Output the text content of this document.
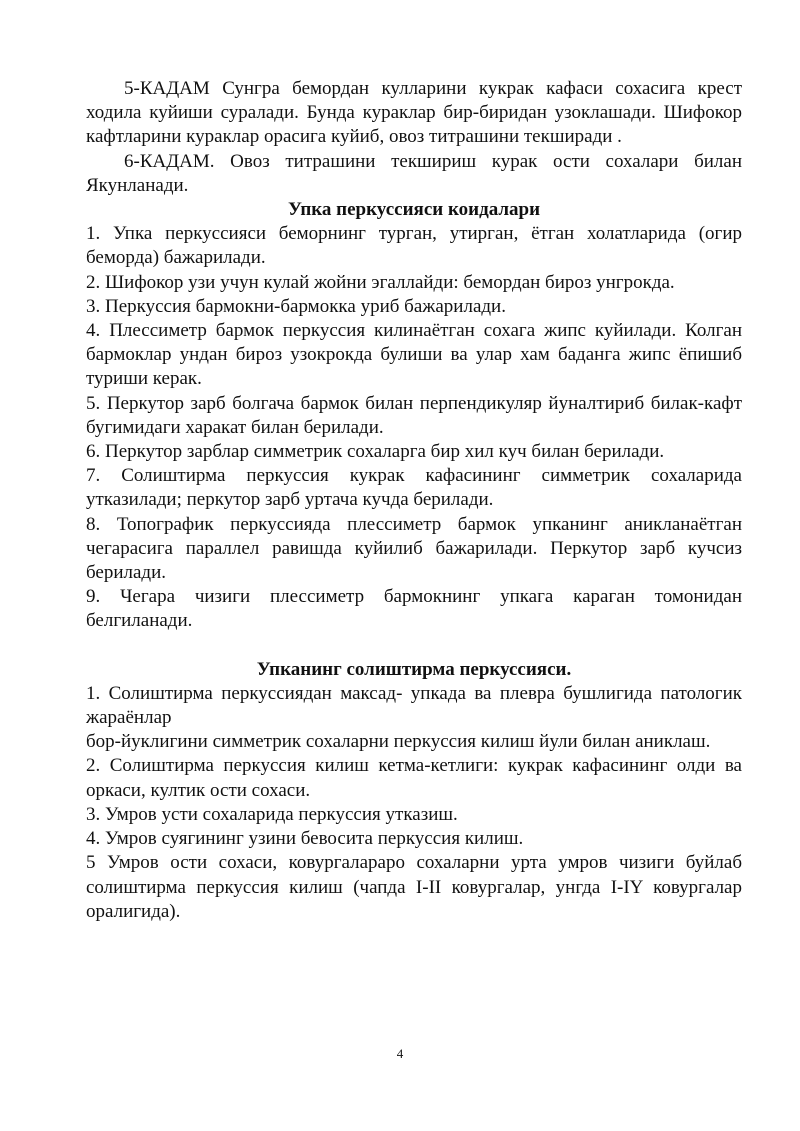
5-КАДАМ Сунгра бемордан кулларини кукрак кафаси сохасига крест ходила куйиши суралади. Бунда кураклар бир-биридан узоклашади. Шифокор кафтларини кураклар орасига куйиб, овоз титрашини текширади .

6-КАДАМ. Овоз титрашини текшириш курак ости сохалари билан Якунланади.

Упка перкуссияси коидалари

1. Упка перкуссияси беморнинг турган, утирган, ётган холатларида (огир беморда) бажарилади.

2. Шифокор узи учун кулай жойни эгаллайди: бемордан бироз унгрокда.

3. Перкуссия бармокни-бармокка уриб бажарилади.

4. Плессиметр бармок перкуссия килинаётган сохага жипс куйилади. Колган бармоклар ундан бироз узокрокда булиши ва улар хам баданга жипс ёпишиб туриши керак.

5. Перкутор зарб болгача бармок билан перпендикуляр йуналтириб билак-кафт бугимидаги харакат билан берилади.

6. Перкутор зарблар симметрик сохаларга бир хил куч билан берилади.

7. Солиштирма перкуссия кукрак кафасининг симметрик сохаларида утказилади; перкутор зарб уртача кучда берилади.

8. Топографик перкуссияда плессиметр бармок упканинг аникланаётган чегарасига параллел равишда куйилиб бажарилади. Перкутор зарб кучсиз берилади.

9. Чегара чизиги плессиметр бармокнинг упкага караган томонидан белгиланади.

Упканинг солиштирма перкуссияси.

1. Солиштирма перкуссиядан максад- упкада ва плевра бушлигида патологик жараёнлар

бор-йуклигини симметрик сохаларни перкуссия килиш йули билан аниклаш.

2. Солиштирма перкуссия килиш кетма-кетлиги: кукрак кафасининг олди ва оркаси, култик ости сохаси.

3. Умров усти сохаларида перкуссия утказиш.

4. Умров суягининг узини бевосита перкуссия килиш.

5 Умров ости сохаси, ковургалараро сохаларни урта умров чизиги буйлаб солиштирма перкуссия килиш (чапда I-II ковургалар, унгда I-IY ковургалар оралигида).

4
